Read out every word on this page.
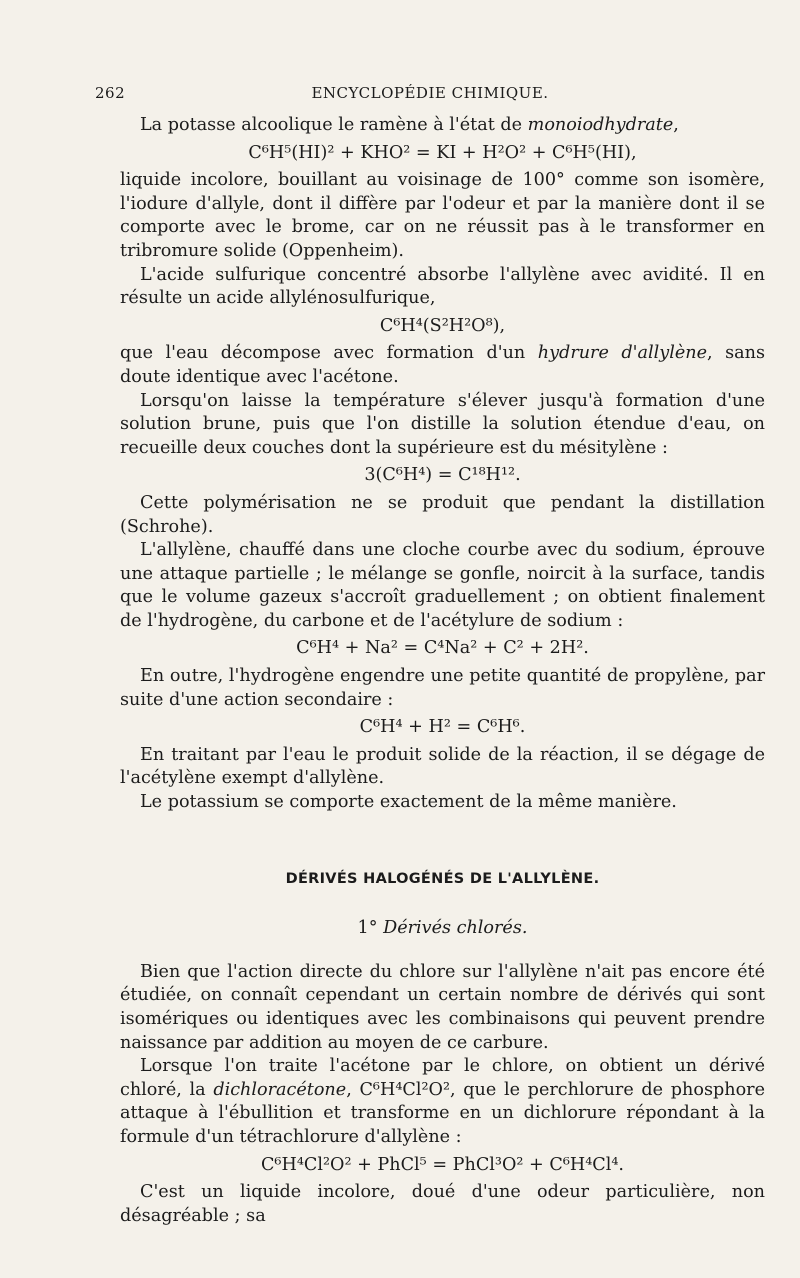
262	ENCYCLOPÉDIE CHIMIQUE.

La potasse alcoolique le ramène à l'état de monoiodhydrate,

C⁶H⁵(HI)² + KHO² = KI + H²O² + C⁶H⁵(HI),

liquide incolore, bouillant au voisinage de 100° comme son isomère, l'iodure d'allyle, dont il diffère par l'odeur et par la manière dont il se comporte avec le brome, car on ne réussit pas à le transformer en tribromure solide (Oppenheim).

L'acide sulfurique concentré absorbe l'allylène avec avidité. Il en résulte un acide allylénosulfurique,

C⁶H⁴(S²H²O⁸),

que l'eau décompose avec formation d'un hydrure d'allylène, sans doute identique avec l'acétone.

Lorsqu'on laisse la température s'élever jusqu'à formation d'une solution brune, puis que l'on distille la solution étendue d'eau, on recueille deux couches dont la supérieure est du mésitylène :

3(C⁶H⁴) = C¹⁸H¹².

Cette polymérisation ne se produit que pendant la distillation (Schrohe).

L'allylène, chauffé dans une cloche courbe avec du sodium, éprouve une attaque partielle ; le mélange se gonfle, noircit à la surface, tandis que le volume gazeux s'accroît graduellement ; on obtient finalement de l'hydrogène, du carbone et de l'acétylure de sodium :

C⁶H⁴ + Na² = C⁴Na² + C² + 2H².

En outre, l'hydrogène engendre une petite quantité de propylène, par suite d'une action secondaire :

C⁶H⁴ + H² = C⁶H⁶.

En traitant par l'eau le produit solide de la réaction, il se dégage de l'acétylène exempt d'allylène.

Le potassium se comporte exactement de la même manière.

DÉRIVÉS HALOGÉNÉS DE L'ALLYLÈNE.
1° Dérivés chlorés.

Bien que l'action directe du chlore sur l'allylène n'ait pas encore été étudiée, on connaît cependant un certain nombre de dérivés qui sont isomériques ou identiques avec les combinaisons qui peuvent prendre naissance par addition au moyen de ce carbure.

Lorsque l'on traite l'acétone par le chlore, on obtient un dérivé chloré, la dichloracétone, C⁶H⁴Cl²O², que le perchlorure de phosphore attaque à l'ébullition et transforme en un dichlorure répondant à la formule d'un tétrachlorure d'allylène :

C⁶H⁴Cl²O² + PhCl⁵ = PhCl³O² + C⁶H⁴Cl⁴.

C'est un liquide incolore, doué d'une odeur particulière, non désagréable ; sa
